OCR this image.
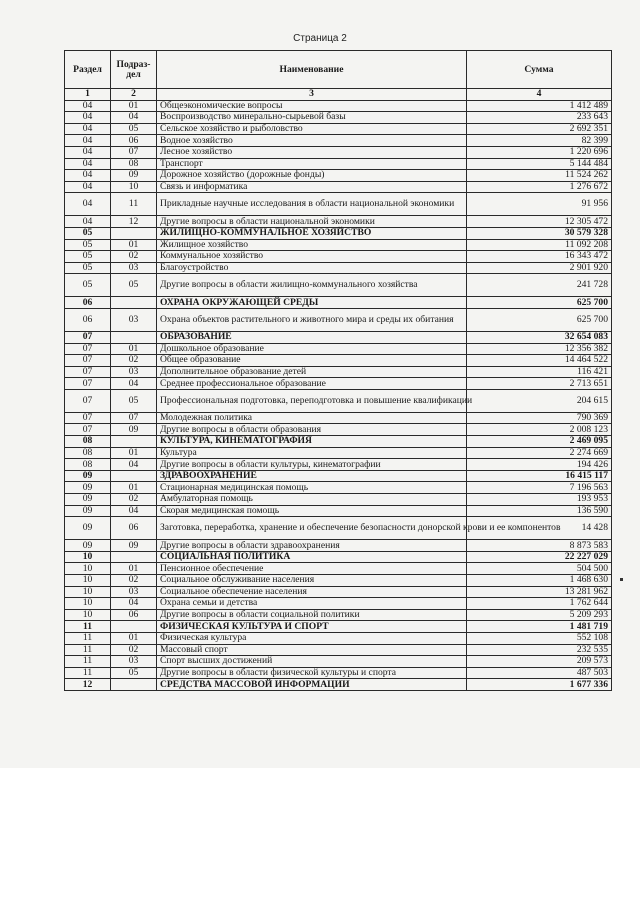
Страница 2
Раздел	Подраз-дел	Наименование	Сумма
1	2	3	4
04	01	Общеэкономические вопросы	1 412 489
04	04	Воспроизводство минерально-сырьевой базы	233 643
04	05	Сельское хозяйство и рыболовство	2 692 351
04	06	Водное хозяйство	82 399
04	07	Лесное хозяйство	1 220 696
04	08	Транспорт	5 144 484
04	09	Дорожное хозяйство (дорожные фонды)	11 524 262
04	10	Связь и информатика	1 276 672
04	11	Прикладные научные исследования в области национальной экономики	91 956
04	12	Другие вопросы в области национальной экономики	12 305 472
05		ЖИЛИЩНО-КОММУНАЛЬНОЕ ХОЗЯЙСТВО	30 579 328
05	01	Жилищное хозяйство	11 092 208
05	02	Коммунальное хозяйство	16 343 472
05	03	Благоустройство	2 901 920
05	05	Другие вопросы в области жилищно-коммунального хозяйства	241 728
06		ОХРАНА ОКРУЖАЮЩЕЙ СРЕДЫ	625 700
06	03	Охрана объектов растительного и животного мира и среды их обитания	625 700
07		ОБРАЗОВАНИЕ	32 654 083
07	01	Дошкольное образование	12 356 382
07	02	Общее образование	14 464 522
07	03	Дополнительное образование детей	116 421
07	04	Среднее профессиональное образование	2 713 651
07	05	Профессиональная подготовка, переподготовка и повышение квалификации	204 615
07	07	Молодежная политика	790 369
07	09	Другие вопросы в области образования	2 008 123
08		КУЛЬТУРА, КИНЕМАТОГРАФИЯ	2 469 095
08	01	Культура	2 274 669
08	04	Другие вопросы в области культуры, кинематографии	194 426
09		ЗДРАВООХРАНЕНИЕ	16 415 117
09	01	Стационарная медицинская помощь	7 196 563
09	02	Амбулаторная помощь	193 953
09	04	Скорая медицинская помощь	136 590
09	06	Заготовка, переработка, хранение и обеспечение безопасности донорской крови и ее компонентов	14 428
09	09	Другие вопросы в области здравоохранения	8 873 583
10		СОЦИАЛЬНАЯ ПОЛИТИКА	22 227 029
10	01	Пенсионное обеспечение	504 500
10	02	Социальное обслуживание населения	1 468 630
10	03	Социальное обеспечение населения	13 281 962
10	04	Охрана семьи и детства	1 762 644
10	06	Другие вопросы в области социальной политики	5 209 293
11		ФИЗИЧЕСКАЯ КУЛЬТУРА И СПОРТ	1 481 719
11	01	Физическая культура	552 108
11	02	Массовый спорт	232 535
11	03	Спорт высших достижений	209 573
11	05	Другие вопросы в области физической культуры и спорта	487 503
12		СРЕДСТВА МАССОВОЙ ИНФОРМАЦИИ	1 677 336
